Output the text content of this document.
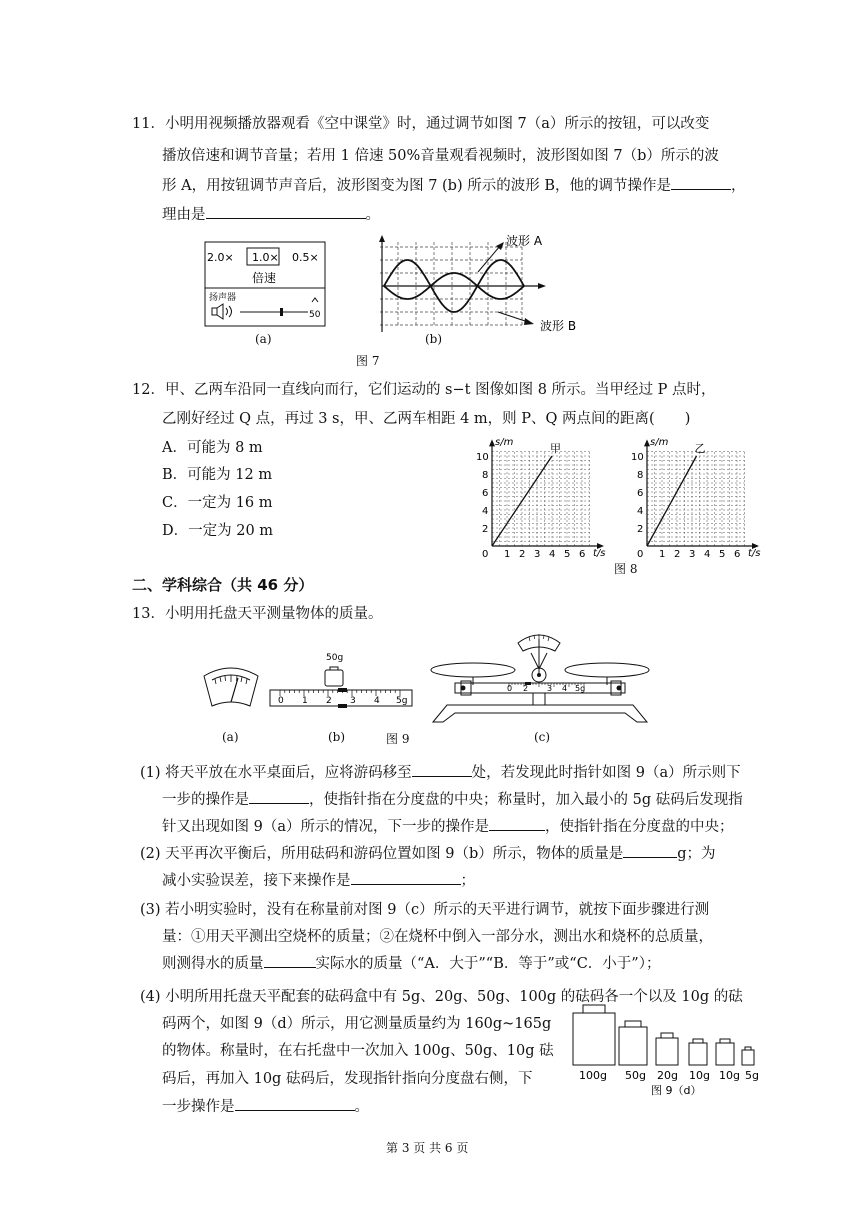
11．小明用视频播放器观看《空中课堂》时，通过调节如图 7（a）所示的按钮，可以改变
播放倍速和调节音量；若用 1 倍速 50%音量观看视频时，波形图如图 7（b）所示的波
形 A，用按钮调节声音后，波形图变为图 7 (b) 所示的波形 B，他的调节操作是	，
理由是	。
2.0× 1.0× 0.5×
倍速
扬声器
50
(a)
波形 A
波形 B
(b)
图 7
12．甲、乙两车沿同一直线向而行，它们运动的 s−t 图像如图 8 所示。当甲经过 P 点时，
乙刚好经过 Q 点，再过 3 s，甲、乙两车相距 4 m，则 P、Q 两点间的距离( )
A．可能为 8 m
B．可能为 12 m
C．一定为 16 m
D．一定为 20 m
0 1 2 3 4 5 6
2
4
6
8
10
t/s
s/m	甲
0 1 2 3 4 5 6
2
4
6
8
10
t/s
s/m 乙
图 8
二、学科综合（共 46 分）
13．小明用托盘天平测量物体的质量。
(a)
50g
0 1 2 3 4 5g
(b)	图 9
0 2 3 4 5g
(c)
(1) 将天平放在水平桌面后，应将游码移至	处，若发现此时指针如图 9（a）所示则下
一步的操作是	，使指针指在分度盘的中央；称量时，加入最小的 5g 砝码后发现指
针又出现如图 9（a）所示的情况，下一步的操作是	，使指针指在分度盘的中央；
(2) 天平再次平衡后，所用砝码和游码位置如图 9（b）所示，物体的质量是	g；为
减小实验误差，接下来操作是	；
(3) 若小明实验时，没有在称量前对图 9（c）所示的天平进行调节，就按下面步骤进行测
量：①用天平测出空烧杯的质量；②在烧杯中倒入一部分水，测出水和烧杯的总质量，
则测得水的质量	实际水的质量（“A．大于”“B．等于”或“C．小于”）；
(4) 小明所用托盘天平配套的砝码盒中有 5g、20g、50g、100g 的砝码各一个以及 10g 的砝
码两个，如图 9（d）所示，用它测量质量约为 160g~165g
的物体。称量时，在右托盘中一次加入 100g、50g、10g 砝
码后，再加入 10g 砝码后，发现指针指向分度盘右侧，下
一步操作是	。
100g 50g 20g 10g 10g 5g
图 9（d）
第 3 页 共 6 页
